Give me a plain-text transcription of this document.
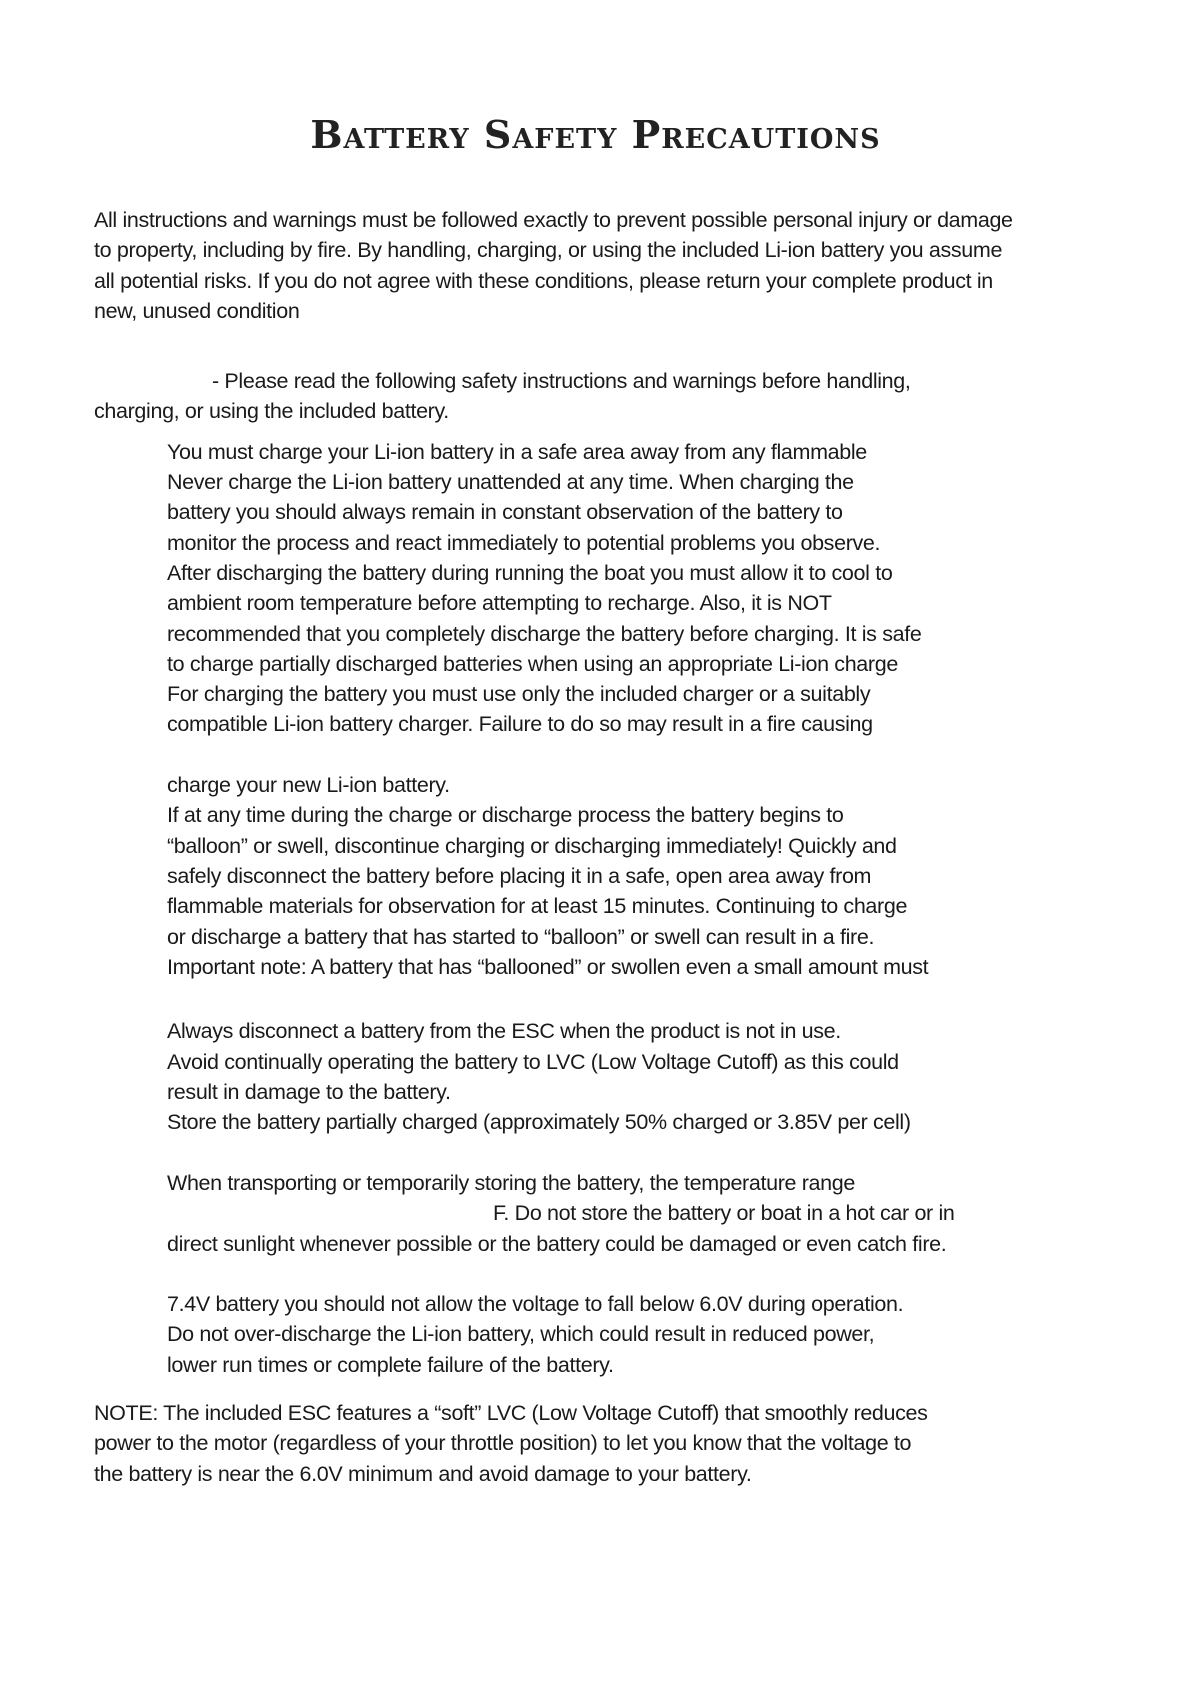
Battery Safety Precautions
All instructions and warnings must be followed exactly to prevent possible personal injury or damage
to property, including by fire. By handling, charging, or using the included Li-ion battery you assume
all potential risks. If you do not agree with these conditions, please return your complete product in
new, unused condition
- Please read the following safety instructions and warnings before handling,
charging, or using the included battery.
You must charge your Li-ion battery in a safe area away from any flammable
Never charge the Li-ion battery unattended at any time. When charging the
battery you should always remain in constant observation of the battery to
monitor the process and react immediately to potential problems you observe.
After discharging the battery during running the boat you must allow it to cool to
ambient room temperature before attempting to recharge. Also, it is NOT
recommended that you completely discharge the battery before charging. It is safe
to charge partially discharged batteries when using an appropriate Li-ion charge
For charging the battery you must use only the included charger or a suitably
compatible Li-ion battery charger. Failure to do so may result in a fire causing
charge your new Li-ion battery.
If at any time during the charge or discharge process the battery begins to
“balloon” or swell, discontinue charging or discharging immediately! Quickly and
safely disconnect the battery before placing it in a safe, open area away from
flammable materials for observation for at least 15 minutes. Continuing to charge
or discharge a battery that has started to “balloon” or swell can result in a fire.
Important note: A battery that has “ballooned” or swollen even a small amount must
Always disconnect a battery from the ESC when the product is not in use.
Avoid continually operating the battery to LVC (Low Voltage Cutoff) as this could
result in damage to the battery.
Store the battery partially charged (approximately 50% charged or 3.85V per cell)
When transporting or temporarily storing the battery, the temperature range
F. Do not store the battery or boat in a hot car or in
direct sunlight whenever possible or the battery could be damaged or even catch fire.
7.4V battery you should not allow the voltage to fall below 6.0V during operation.
Do not over-discharge the Li-ion battery, which could result in reduced power,
lower run times or complete failure of the battery.
NOTE: The included ESC features a “soft” LVC (Low Voltage Cutoff) that smoothly reduces
power to the motor (regardless of your throttle position) to let you know that the voltage to
the battery is near the 6.0V minimum and avoid damage to your battery.
